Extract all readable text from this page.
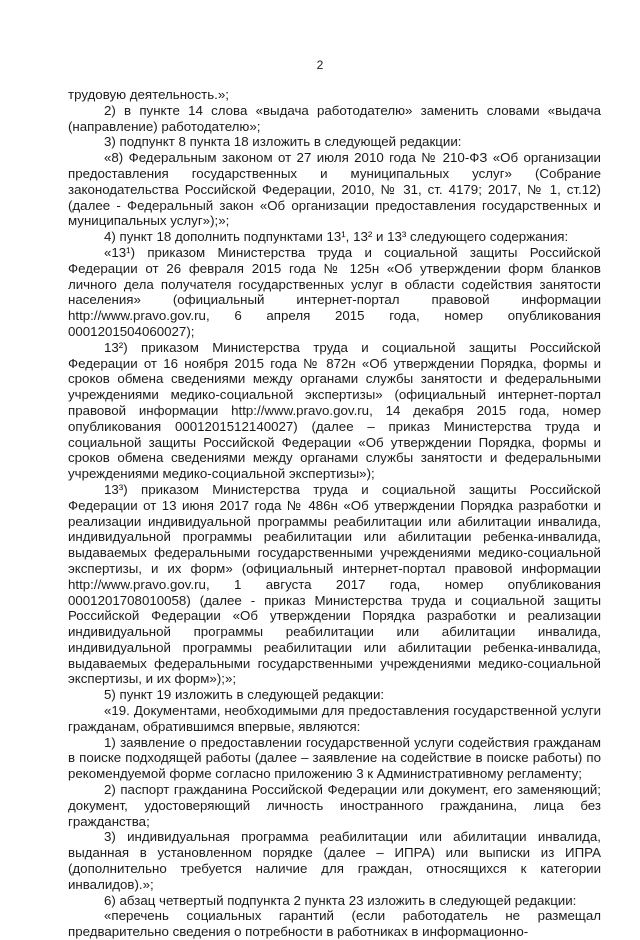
2

трудовую деятельность.»;

2) в пункте 14 слова «выдача работодателю» заменить словами «выдача (направление) работодателю»;

3) подпункт 8 пункта 18 изложить в следующей редакции:

«8) Федеральным законом от 27 июля 2010 года № 210-ФЗ «Об организации предоставления государственных и муниципальных услуг» (Собрание законодательства Российской Федерации, 2010, № 31, ст. 4179; 2017, № 1, ст.12) (далее - Федеральный закон «Об организации предоставления государственных и муниципальных услуг»);»;

4) пункт 18 дополнить подпунктами 13¹, 13² и 13³ следующего содержания:

«13¹) приказом Министерства труда и социальной защиты Российской Федерации от 26 февраля 2015 года № 125н «Об утверждении форм бланков личного дела получателя государственных услуг в области содействия занятости населения» (официальный интернет-портал правовой информации http://www.pravo.gov.ru, 6 апреля 2015 года, номер опубликования 0001201504060027);

13²) приказом Министерства труда и социальной защиты Российской Федерации от 16 ноября 2015 года № 872н «Об утверждении Порядка, формы и сроков обмена сведениями между органами службы занятости и федеральными учреждениями медико-социальной экспертизы» (официальный интернет-портал правовой информации http://www.pravo.gov.ru, 14 декабря 2015 года, номер опубликования 0001201512140027) (далее – приказ Министерства труда и социальной защиты Российской Федерации «Об утверждении Порядка, формы и сроков обмена сведениями между органами службы занятости и федеральными учреждениями медико-социальной экспертизы»);

13³) приказом Министерства труда и социальной защиты Российской Федерации от 13 июня 2017 года № 486н «Об утверждении Порядка разработки и реализации индивидуальной программы реабилитации или абилитации инвалида, индивидуальной программы реабилитации или абилитации ребенка-инвалида, выдаваемых федеральными государственными учреждениями медико-социальной экспертизы, и их форм» (официальный интернет-портал правовой информации http://www.pravo.gov.ru, 1 августа 2017 года, номер опубликования 0001201708010058) (далее - приказ Министерства труда и социальной защиты Российской Федерации «Об утверждении Порядка разработки и реализации индивидуальной программы реабилитации или абилитации инвалида, индивидуальной программы реабилитации или абилитации ребенка-инвалида, выдаваемых федеральными государственными учреждениями медико-социальной экспертизы, и их форм»);»;

5) пункт 19 изложить в следующей редакции:

«19. Документами, необходимыми для предоставления государственной услуги гражданам, обратившимся впервые, являются:

1) заявление о предоставлении государственной услуги содействия гражданам в поиске подходящей работы (далее – заявление на содействие в поиске работы) по рекомендуемой форме согласно приложению 3 к Административному регламенту;

2) паспорт гражданина Российской Федерации или документ, его заменяющий; документ, удостоверяющий личность иностранного гражданина, лица без гражданства;

3) индивидуальная программа реабилитации или абилитации инвалида, выданная в установленном порядке (далее – ИПРА) или выписки из ИПРА (дополнительно требуется наличие для граждан, относящихся к категории инвалидов).»;

6) абзац четвертый подпункта 2 пункта 23 изложить в следующей редакции:

«перечень социальных гарантий (если работодатель не размещал предварительно сведения о потребности в работниках в информационно-
